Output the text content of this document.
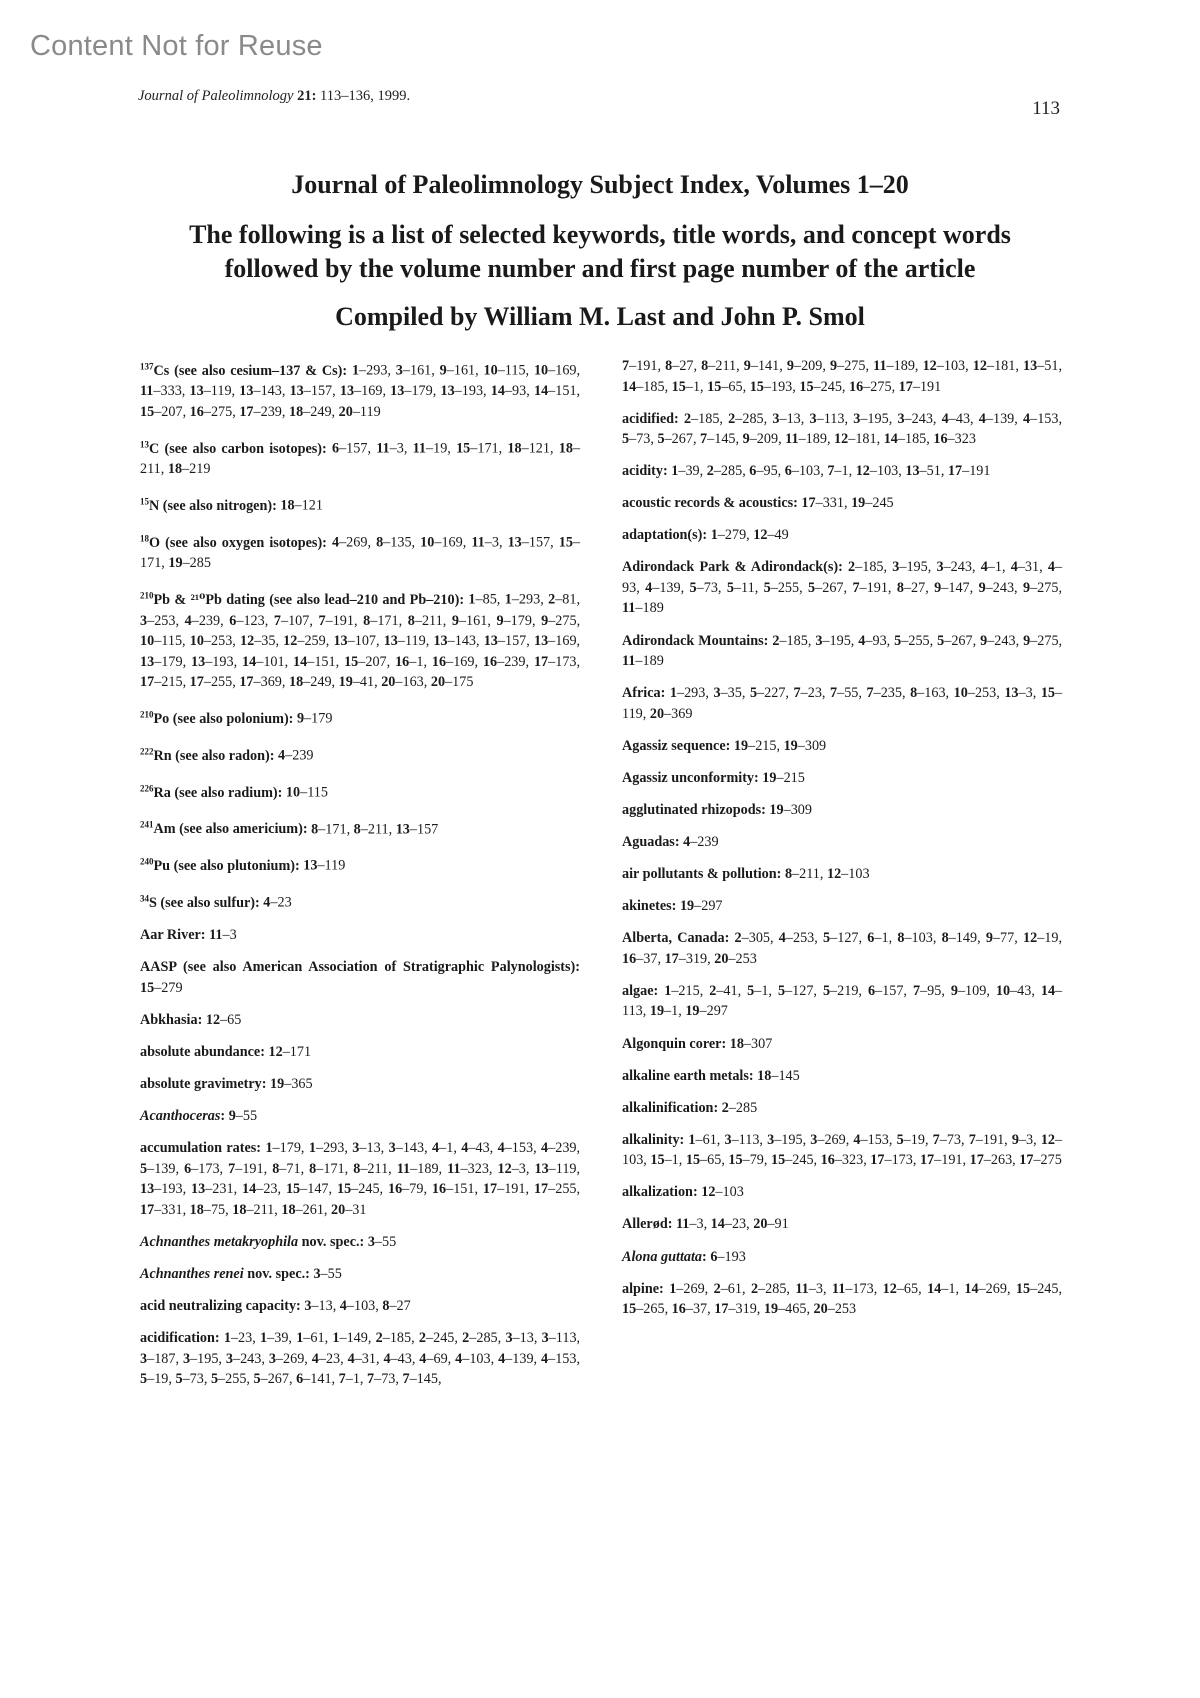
Content Not for Reuse
Journal of Paleolimnology 21: 113–136, 1999.
113
Journal of Paleolimnology Subject Index, Volumes 1–20
The following is a list of selected keywords, title words, and concept words
followed by the volume number and first page number of the article
Compiled by William M. Last and John P. Smol
$^{137}$Cs (see also cesium–137 & Cs): 1–293, 3–161, 9–161, 10–115, 10–169, 11–333, 13–119, 13–143, 13–157, 13–169, 13–179, 13–193, 14–93, 14–151, 15–207, 16–275, 17–239, 18–249, 20–119
$^{13}$C (see also carbon isotopes): 6–157, 11–3, 11–19, 15–171, 18–121, 18–211, 18–219
$^{15}$N (see also nitrogen): 18–121
$^{18}$O (see also oxygen isotopes): 4–269, 8–135, 10–169, 11–3, 13–157, 15–171, 19–285
$^{210}$Pb & ²¹⁰Pb dating (see also lead–210 and Pb–210): 1–85, 1–293, 2–81, 3–253, 4–239, 6–123, 7–107, 7–191, 8–171, 8–211, 9–161, 9–179, 9–275, 10–115, 10–253, 12–35, 12–259, 13–107, 13–119, 13–143, 13–157, 13–169, 13–179, 13–193, 14–101, 14–151, 15–207, 16–1, 16–169, 16–239, 17–173, 17–215, 17–255, 17–369, 18–249, 19–41, 20–163, 20–175
$^{210}$Po (see also polonium): 9–179
$^{222}$Rn (see also radon): 4–239
$^{226}$Ra (see also radium): 10–115
$^{241}$Am (see also americium): 8–171, 8–211, 13–157
$^{240}$Pu (see also plutonium): 13–119
$^{34}$S (see also sulfur): 4–23
Aar River: 11–3
AASP (see also American Association of Stratigraphic Palynologists): 15–279
Abkhasia: 12–65
absolute abundance: 12–171
absolute gravimetry: 19–365
Acanthoceras: 9–55
accumulation rates: 1–179, 1–293, 3–13, 3–143, 4–1, 4–43, 4–153, 4–239, 5–139, 6–173, 7–191, 8–71, 8–171, 8–211, 11–189, 11–323, 12–3, 13–119, 13–193, 13–231, 14–23, 15–147, 15–245, 16–79, 16–151, 17–191, 17–255, 17–331, 18–75, 18–211, 18–261, 20–31
Achnanthes metakryophila nov. spec.: 3–55
Achnanthes renei nov. spec.: 3–55
acid neutralizing capacity: 3–13, 4–103, 8–27
acidification: 1–23, 1–39, 1–61, 1–149, 2–185, 2–245, 2–285, 3–13, 3–113, 3–187, 3–195, 3–243, 3–269, 4–23, 4–31, 4–43, 4–69, 4–103, 4–139, 4–153, 5–19, 5–73, 5–255, 5–267, 6–141, 7–1, 7–73, 7–145,
7–191, 8–27, 8–211, 9–141, 9–209, 9–275, 11–189, 12–103, 12–181, 13–51, 14–185, 15–1, 15–65, 15–193, 15–245, 16–275, 17–191
acidified: 2–185, 2–285, 3–13, 3–113, 3–195, 3–243, 4–43, 4–139, 4–153, 5–73, 5–267, 7–145, 9–209, 11–189, 12–181, 14–185, 16–323
acidity: 1–39, 2–285, 6–95, 6–103, 7–1, 12–103, 13–51, 17–191
acoustic records & acoustics: 17–331, 19–245
adaptation(s): 1–279, 12–49
Adirondack Park & Adirondack(s): 2–185, 3–195, 3–243, 4–1, 4–31, 4–93, 4–139, 5–73, 5–11, 5–255, 5–267, 7–191, 8–27, 9–147, 9–243, 9–275, 11–189
Adirondack Mountains: 2–185, 3–195, 4–93, 5–255, 5–267, 9–243, 9–275, 11–189
Africa: 1–293, 3–35, 5–227, 7–23, 7–55, 7–235, 8–163, 10–253, 13–3, 15–119, 20–369
Agassiz sequence: 19–215, 19–309
Agassiz unconformity: 19–215
agglutinated rhizopods: 19–309
Aguadas: 4–239
air pollutants & pollution: 8–211, 12–103
akinetes: 19–297
Alberta, Canada: 2–305, 4–253, 5–127, 6–1, 8–103, 8–149, 9–77, 12–19, 16–37, 17–319, 20–253
algae: 1–215, 2–41, 5–1, 5–127, 5–219, 6–157, 7–95, 9–109, 10–43, 14–113, 19–1, 19–297
Algonquin corer: 18–307
alkaline earth metals: 18–145
alkalinification: 2–285
alkalinity: 1–61, 3–113, 3–195, 3–269, 4–153, 5–19, 7–73, 7–191, 9–3, 12–103, 15–1, 15–65, 15–79, 15–245, 16–323, 17–173, 17–191, 17–263, 17–275
alkalization: 12–103
Allerød: 11–3, 14–23, 20–91
Alona guttata: 6–193
alpine: 1–269, 2–61, 2–285, 11–3, 11–173, 12–65, 14–1, 14–269, 15–245, 15–265, 16–37, 17–319, 19–465, 20–253
